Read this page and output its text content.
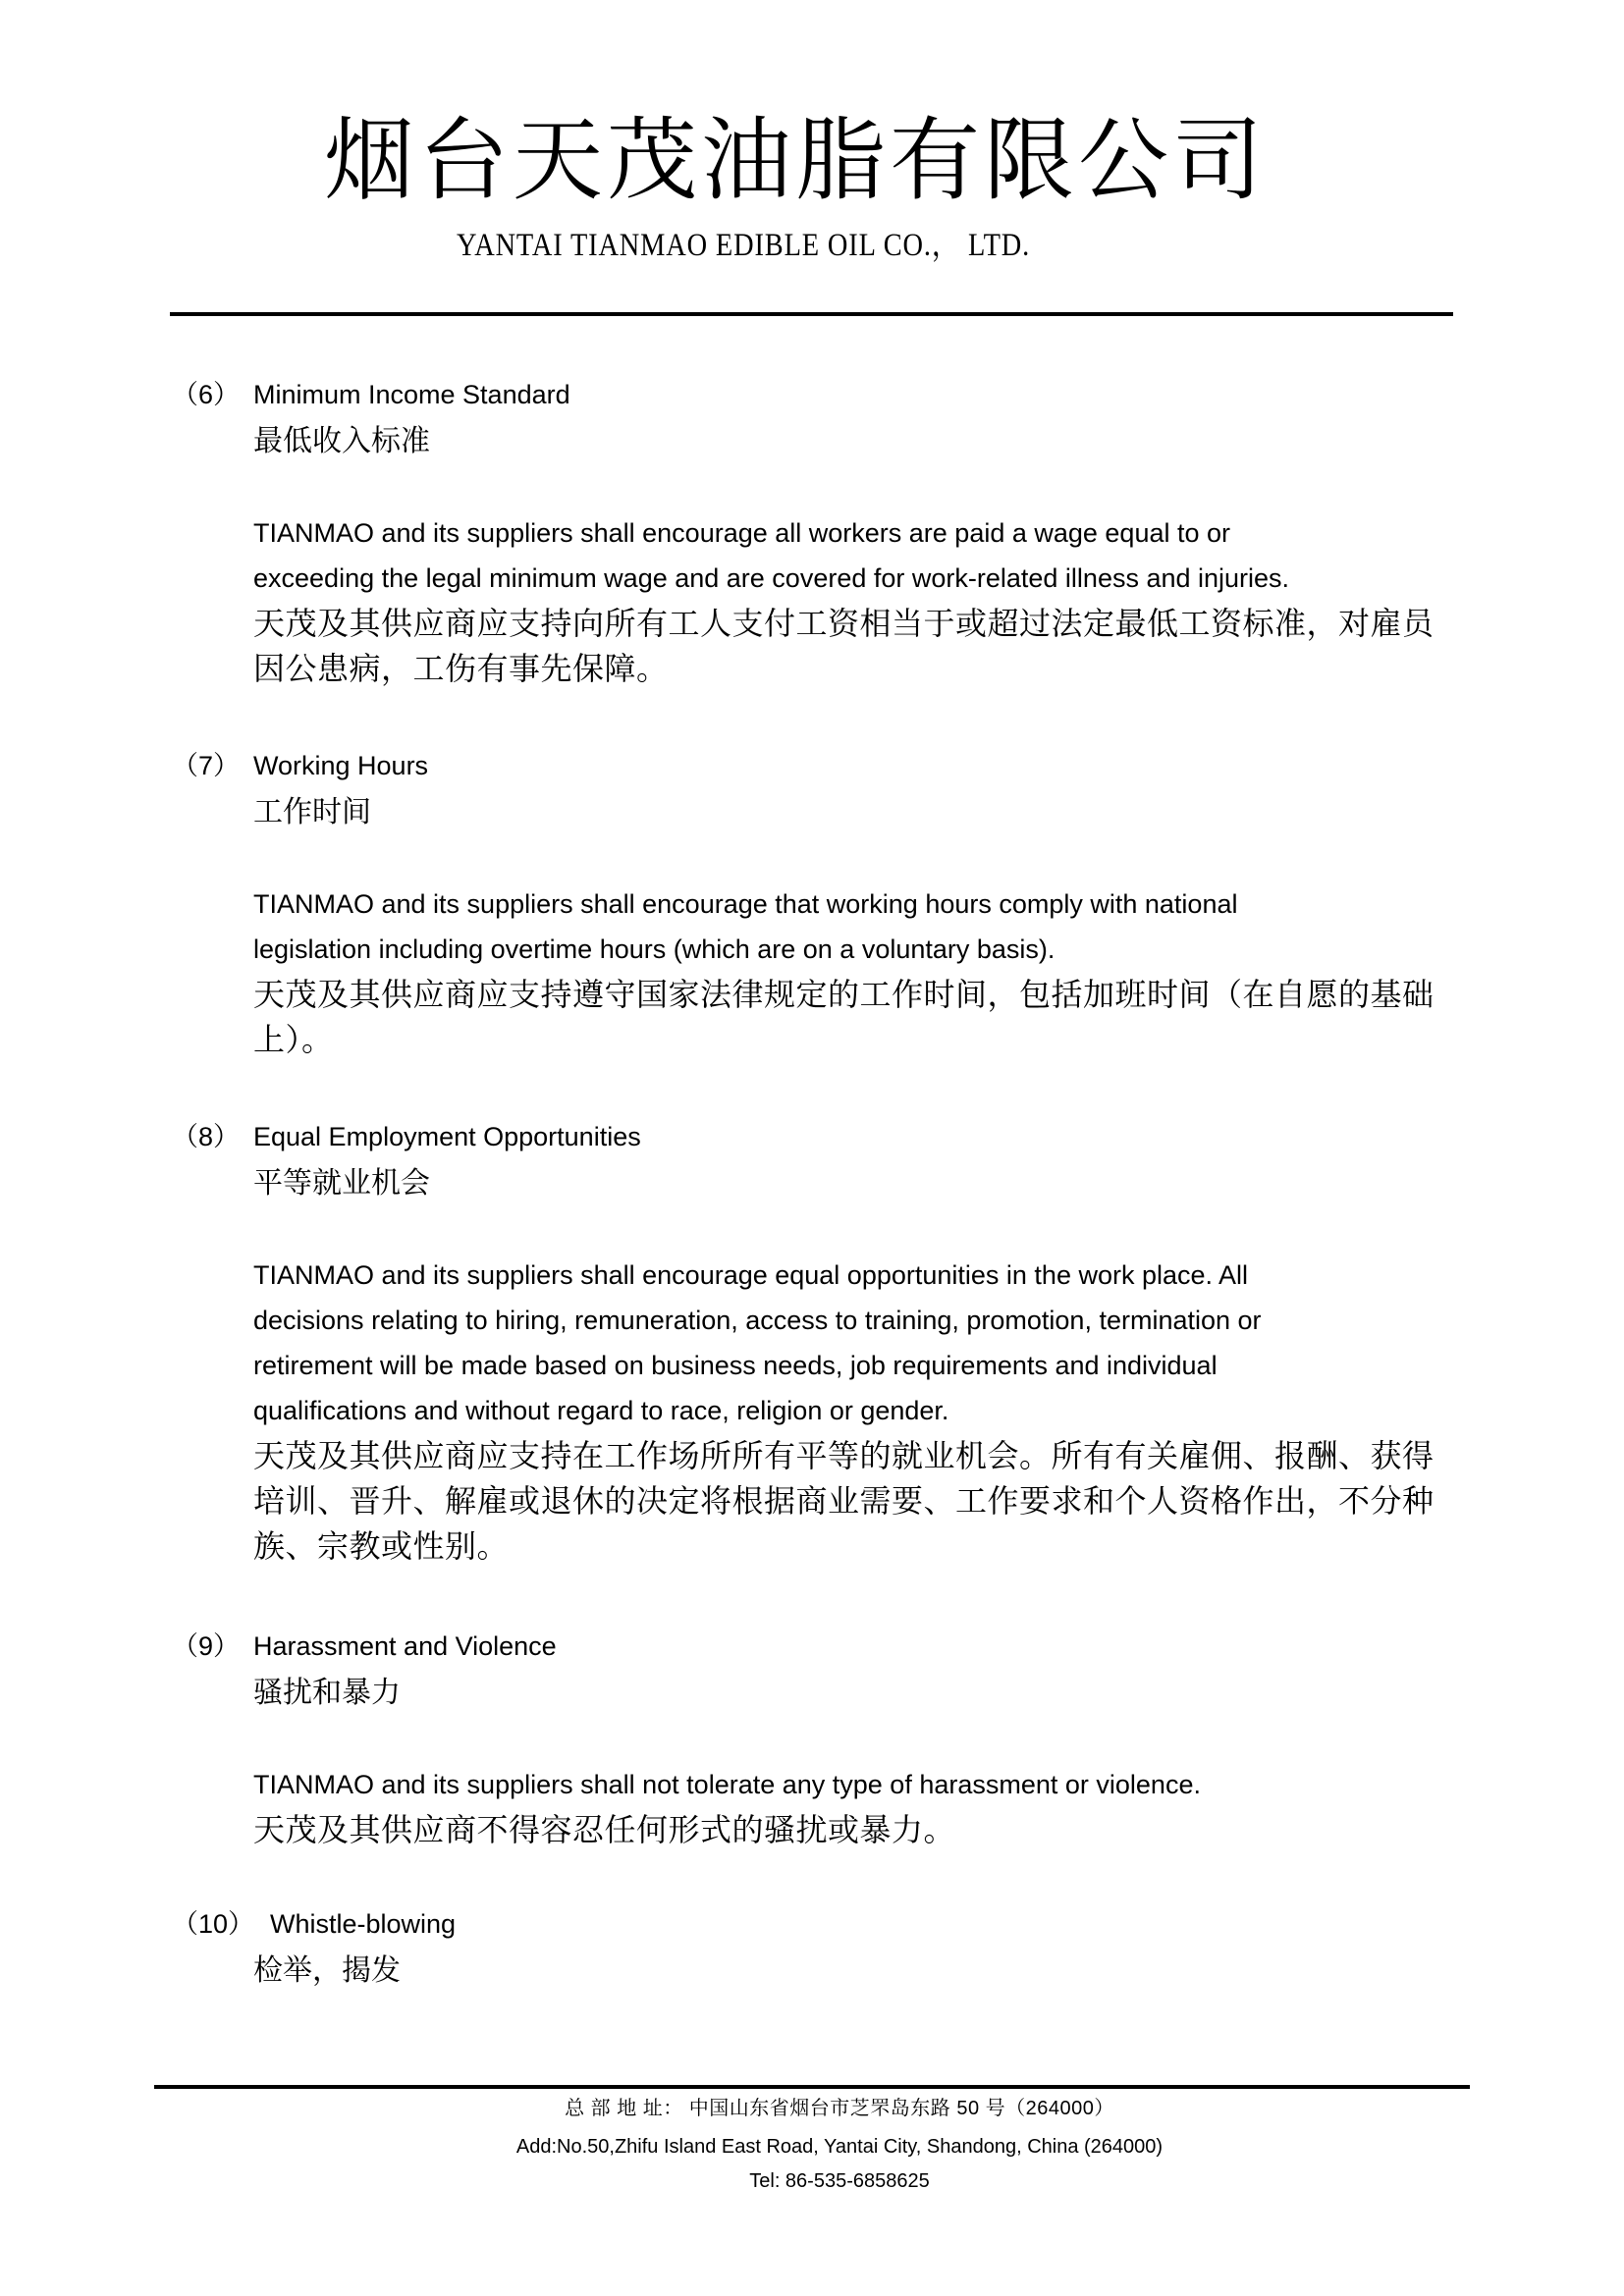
烟台天茂油脂有限公司
YANTAI TIANMAO EDIBLE OIL CO.， LTD.
（6） Minimum Income Standard
最低收入标准
TIANMAO and its suppliers shall encourage all workers are paid a wage equal to or
exceeding the legal minimum wage and are covered for work-related illness and injuries.
天茂及其供应商应支持向所有工人支付工资相当于或超过法定最低工资标准，对雇员
因公患病，工伤有事先保障。
（7） Working Hours
工作时间
TIANMAO and its suppliers shall encourage that working hours comply with national
legislation including overtime hours (which are on a voluntary basis).
天茂及其供应商应支持遵守国家法律规定的工作时间，包括加班时间（在自愿的基础
上）。
（8） Equal Employment Opportunities
平等就业机会
TIANMAO and its suppliers shall encourage equal opportunities in the work place. All
decisions relating to hiring, remuneration, access to training, promotion, termination or
retirement will be made based on business needs, job requirements and individual
qualifications and without regard to race, religion or gender.
天茂及其供应商应支持在工作场所所有平等的就业机会。所有有关雇佣、报酬、获得
培训、晋升、解雇或退休的决定将根据商业需要、工作要求和个人资格作出，不分种
族、宗教或性别。
（9） Harassment and Violence
骚扰和暴力
TIANMAO and its suppliers shall not tolerate any type of harassment or violence.
天茂及其供应商不得容忍任何形式的骚扰或暴力。
（10） Whistle-blowing
检举，揭发
总 部 地 址： 中国山东省烟台市芝罘岛东路 50 号（264000）
Add:No.50,Zhifu Island East Road, Yantai City, Shandong, China (264000)
Tel: 86-535-6858625
